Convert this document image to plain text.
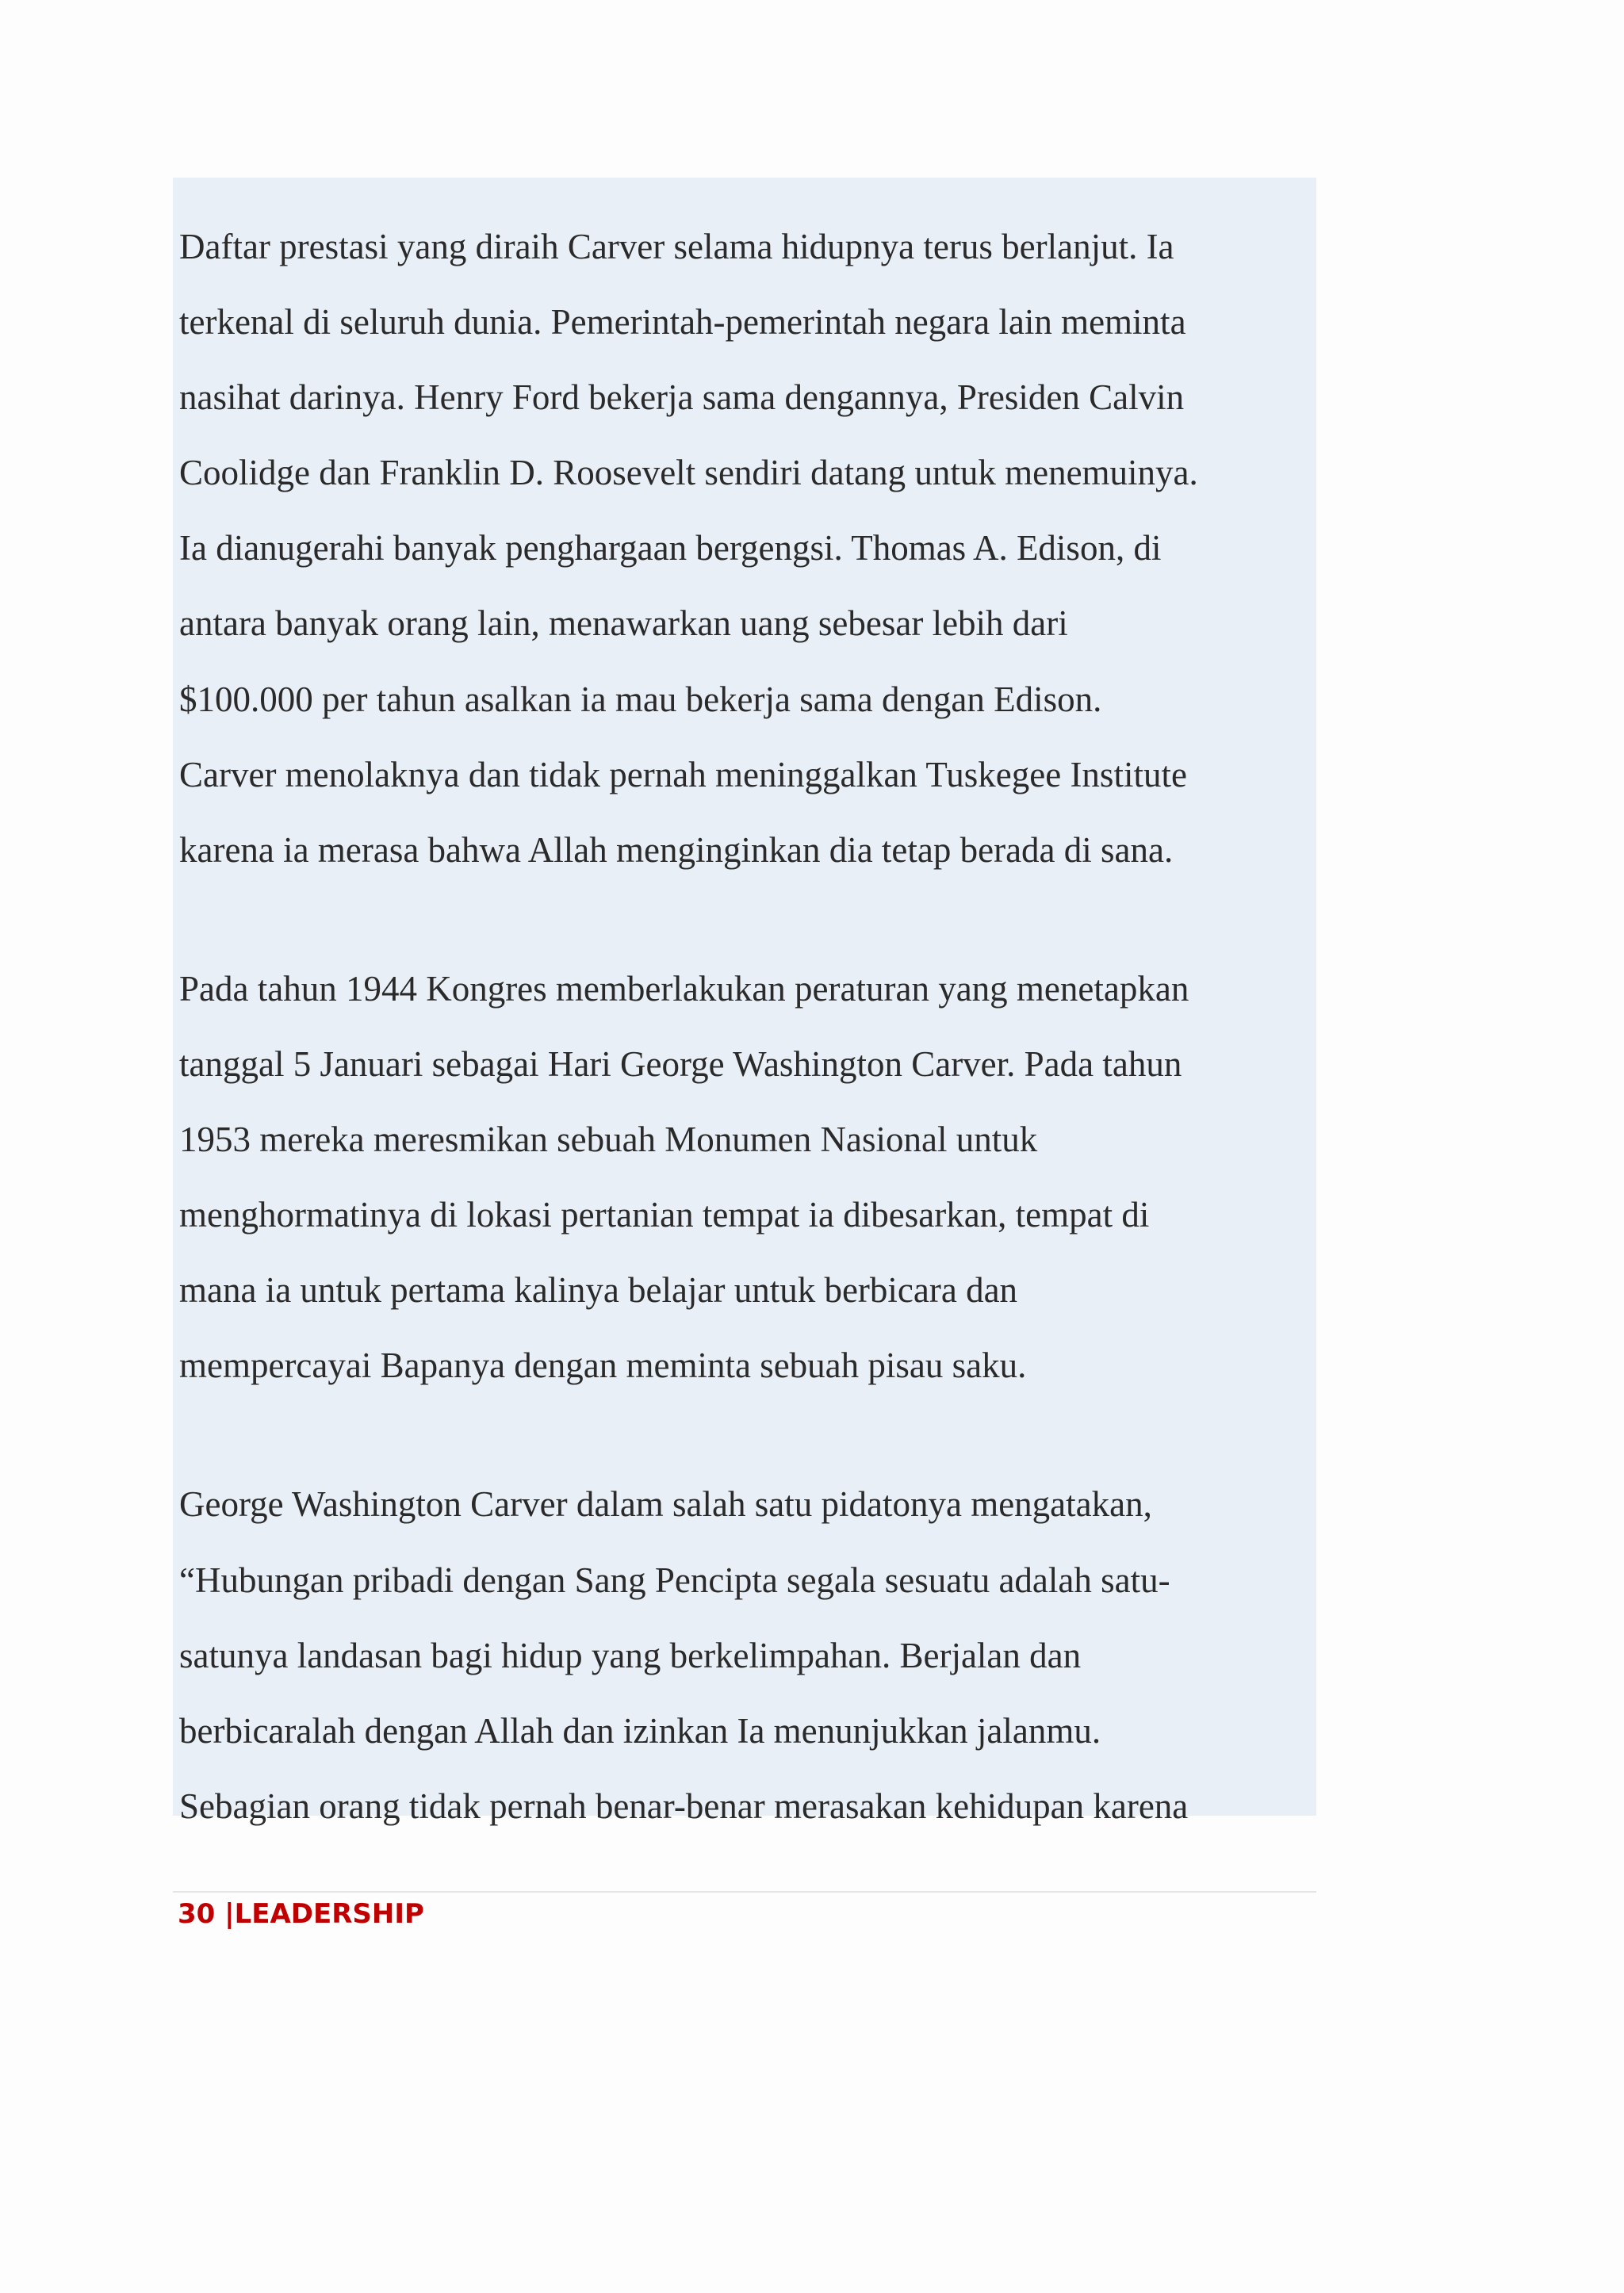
Daftar prestasi yang diraih Carver selama hidupnya terus berlanjut. Ia
terkenal di seluruh dunia. Pemerintah-pemerintah negara lain meminta
nasihat darinya. Henry Ford bekerja sama dengannya, Presiden Calvin
Coolidge dan Franklin D. Roosevelt sendiri datang untuk menemuinya.
Ia dianugerahi banyak penghargaan bergengsi. Thomas A. Edison, di
antara banyak orang lain, menawarkan uang sebesar lebih dari
$100.000 per tahun asalkan ia mau bekerja sama dengan Edison.
Carver menolaknya dan tidak pernah meninggalkan Tuskegee Institute
karena ia merasa bahwa Allah menginginkan dia tetap berada di sana.

Pada tahun 1944 Kongres memberlakukan peraturan yang menetapkan
tanggal 5 Januari sebagai Hari George Washington Carver. Pada tahun
1953 mereka meresmikan sebuah Monumen Nasional untuk
menghormatinya di lokasi pertanian tempat ia dibesarkan, tempat di
mana ia untuk pertama kalinya belajar untuk berbicara dan
mempercayai Bapanya dengan meminta sebuah pisau saku.

George Washington Carver dalam salah satu pidatonya mengatakan,
“Hubungan pribadi dengan Sang Pencipta segala sesuatu adalah satu-
satunya landasan bagi hidup yang berkelimpahan. Berjalan dan
berbicaralah dengan Allah dan izinkan Ia menunjukkan jalanmu.
Sebagian orang tidak pernah benar-benar merasakan kehidupan karena

30 |LEADERSHIP
